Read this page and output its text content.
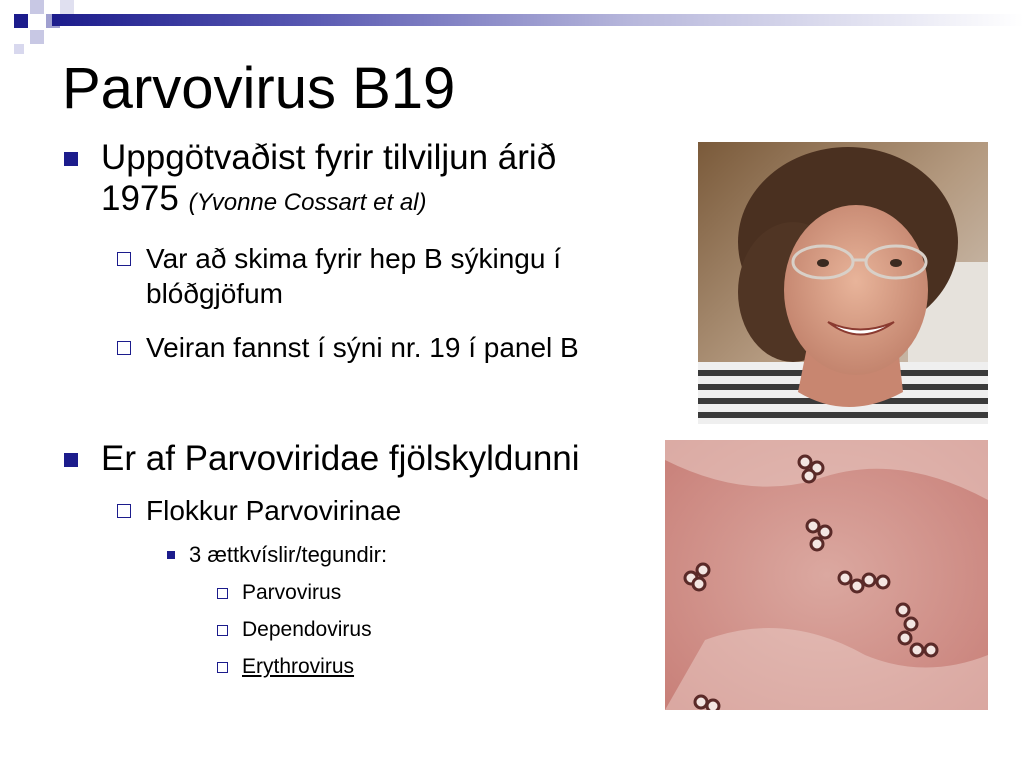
Parvovirus B19
Uppgötvaðist fyrir tilviljun árið
1975 (Yvonne Cossart et al)
Var að skima fyrir hep B sýkingu í
blóðgjöfum
Veiran fannst í sýni nr. 19 í panel B
Er af Parvoviridae fjölskyldunni
Flokkur Parvovirinae
3 ættkvíslir/tegundir:
Parvovirus
Dependovirus
Erythrovirus
